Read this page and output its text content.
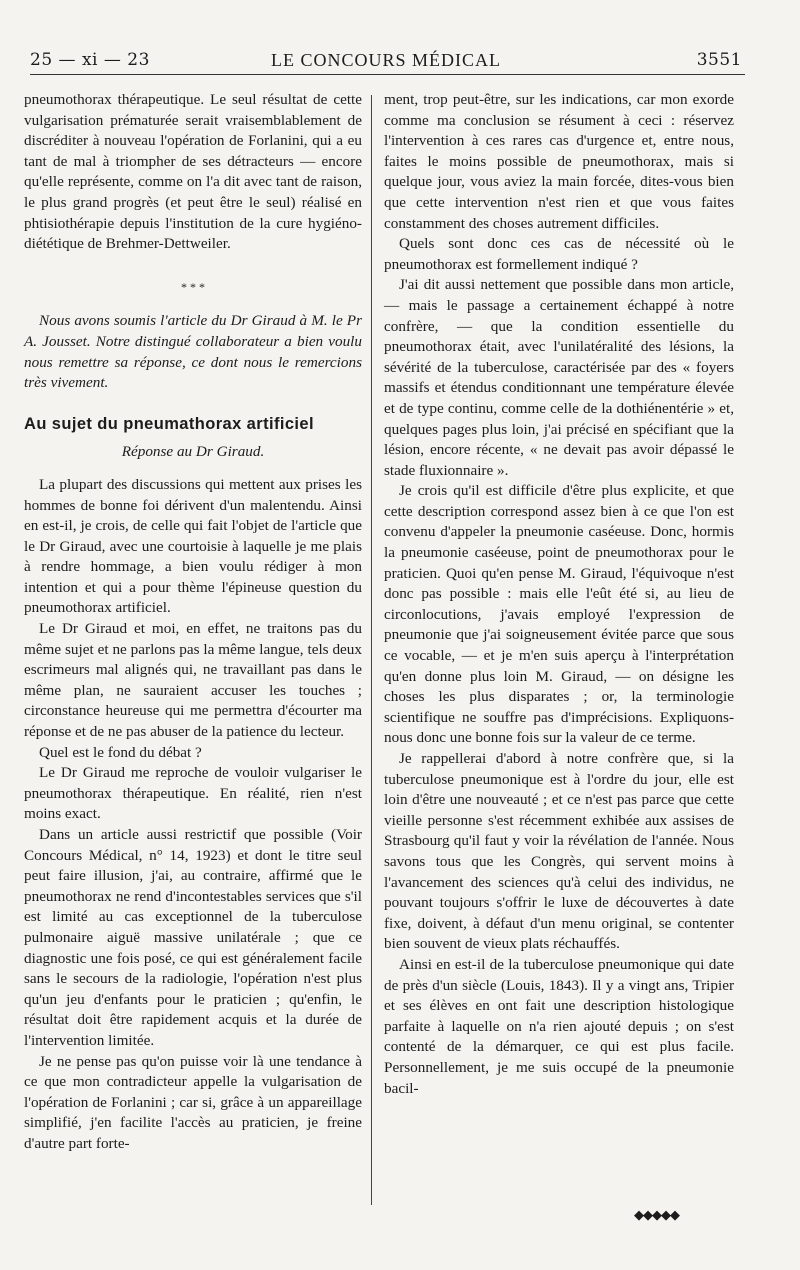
25 — xi — 23	LE CONCOURS MÉDICAL	3551

pneumothorax thérapeutique. Le seul résultat de cette vulgarisation prématurée serait vraisemblablement de discréditer à nouveau l'opération de Forlanini, qui a eu tant de mal à triompher de ses détracteurs — encore qu'elle représente, comme on l'a dit avec tant de raison, le plus grand progrès (et peut être le seul) réalisé en phtisiothérapie depuis l'institution de la cure hygiéno-diététique de Brehmer-Dettweiler.

* * *

Nous avons soumis l'article du Dr Giraud à M. le Pr A. Jousset. Notre distingué collaborateur a bien voulu nous remettre sa réponse, ce dont nous le remercions très vivement.

Au sujet du pneumathorax artificiel
Réponse au Dr Giraud.

La plupart des discussions qui mettent aux prises les hommes de bonne foi dérivent d'un malentendu. Ainsi en est-il, je crois, de celle qui fait l'objet de l'article que le Dr Giraud, avec une courtoisie à laquelle je me plais à rendre hommage, a bien voulu rédiger à mon intention et qui a pour thème l'épineuse question du pneumothorax artificiel.

Le Dr Giraud et moi, en effet, ne traitons pas du même sujet et ne parlons pas la même langue, tels deux escrimeurs mal alignés qui, ne travaillant pas dans le même plan, ne sauraient accuser les touches ; circonstance heureuse qui me permettra d'écourter ma réponse et de ne pas abuser de la patience du lecteur.

Quel est le fond du débat ?

Le Dr Giraud me reproche de vouloir vulgariser le pneumothorax thérapeutique. En réalité, rien n'est moins exact.

Dans un article aussi restrictif que possible (Voir Concours Médical, n° 14, 1923) et dont le titre seul peut faire illusion, j'ai, au contraire, affirmé que le pneumothorax ne rend d'incontestables services que s'il est limité au cas exceptionnel de la tuberculose pulmonaire aiguë massive unilatérale ; que ce diagnostic une fois posé, ce qui est généralement facile sans le secours de la radiologie, l'opération n'est plus qu'un jeu d'enfants pour le praticien ; qu'enfin, le résultat doit être rapidement acquis et la durée de l'intervention limitée.

Je ne pense pas qu'on puisse voir là une tendance à ce que mon contradicteur appelle la vulgarisation de l'opération de Forlanini ; car si, grâce à un appareillage simplifié, j'en facilite l'accès au praticien, je freine d'autre part forte-

ment, trop peut-être, sur les indications, car mon exorde comme ma conclusion se résument à ceci : réservez l'intervention à ces rares cas d'urgence et, entre nous, faites le moins possible de pneumothorax, mais si quelque jour, vous aviez la main forcée, dites-vous bien que cette intervention n'est rien et que vous faites constamment des choses autrement difficiles.

Quels sont donc ces cas de nécessité où le pneumothorax est formellement indiqué ?

J'ai dit aussi nettement que possible dans mon article, — mais le passage a certainement échappé à notre confrère, — que la condition essentielle du pneumothorax était, avec l'unilatéralité des lésions, la sévérité de la tuberculose, caractérisée par des « foyers massifs et étendus conditionnant une température élevée et de type continu, comme celle de la dothiénentérie » et, quelques pages plus loin, j'ai précisé en spécifiant que la lésion, encore récente, « ne devait pas avoir dépassé le stade fluxionnaire ».

Je crois qu'il est difficile d'être plus explicite, et que cette description correspond assez bien à ce que l'on est convenu d'appeler la pneumonie caséeuse. Donc, hormis la pneumonie caséeuse, point de pneumothorax pour le praticien. Quoi qu'en pense M. Giraud, l'équivoque n'est donc pas possible : mais elle l'eût été si, au lieu de circonlocutions, j'avais employé l'expression de pneumonie que j'ai soigneusement évitée parce que sous ce vocable, — et je m'en suis aperçu à l'interprétation qu'en donne plus loin M. Giraud, — on désigne les choses les plus disparates ; or, la terminologie scientifique ne souffre pas d'imprécisions. Expliquons-nous donc une bonne fois sur la valeur de ce terme.

Je rappellerai d'abord à notre confrère que, si la tuberculose pneumonique est à l'ordre du jour, elle est loin d'être une nouveauté ; et ce n'est pas parce que cette vieille personne s'est récemment exhibée aux assises de Strasbourg qu'il faut y voir la révélation de l'année. Nous savons tous que les Congrès, qui servent moins à l'avancement des sciences qu'à celui des individus, ne pouvant toujours s'offrir le luxe de découvertes à date fixe, doivent, à défaut d'un menu original, se contenter bien souvent de vieux plats réchauffés.

Ainsi en est-il de la tuberculose pneumonique qui date de près d'un siècle (Louis, 1843). Il y a vingt ans, Tripier et ses élèves en ont fait une description histologique parfaite à laquelle on n'a rien ajouté depuis ; on s'est contenté de la démarquer, ce qui est plus facile. Personnellement, je me suis occupé de la pneumonie bacil-

◆◆◆◆◆
